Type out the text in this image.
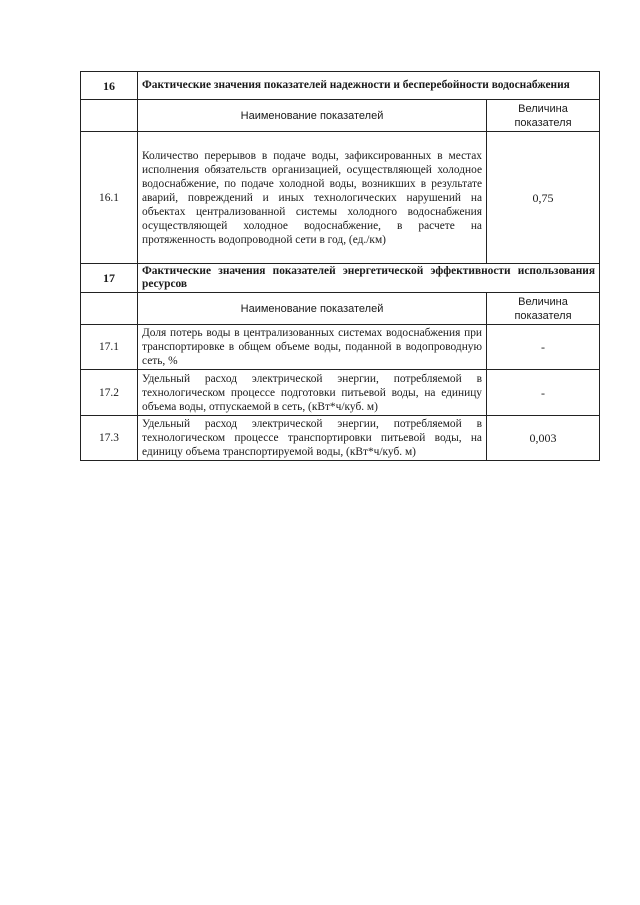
16	Фактические значения показателей надежности и бесперебойности водоснабжения	
	Наименование показателей	Величина показателя
16.1	Количество перерывов в подаче воды, зафиксированных в местах исполнения обязательств организацией, осуществляющей холодное водоснабжение, по подаче холодной воды, возникших в результате аварий, повреждений и иных технологических нарушений на объектах централизованной системы холодного водоснабжения осуществляющей холодное водоснабжение, в расчете на протяженность водопроводной сети в год, (ед./км)	0,75
17	Фактические значения показателей энергетической эффективности использования ресурсов	
	Наименование показателей	Величина показателя
17.1	Доля потерь воды в централизованных системах водоснабжения при транспортировке в общем объеме воды, поданной в водопроводную сеть, %	-
17.2	Удельный расход электрической энергии, потребляемой в технологическом процессе подготовки питьевой воды, на единицу объема воды, отпускаемой в сеть, (кВт*ч/куб. м)	-
17.3	Удельный расход электрической энергии, потребляемой в технологическом процессе транспортировки питьевой воды, на единицу объема транспортируемой воды, (кВт*ч/куб. м)	0,003
